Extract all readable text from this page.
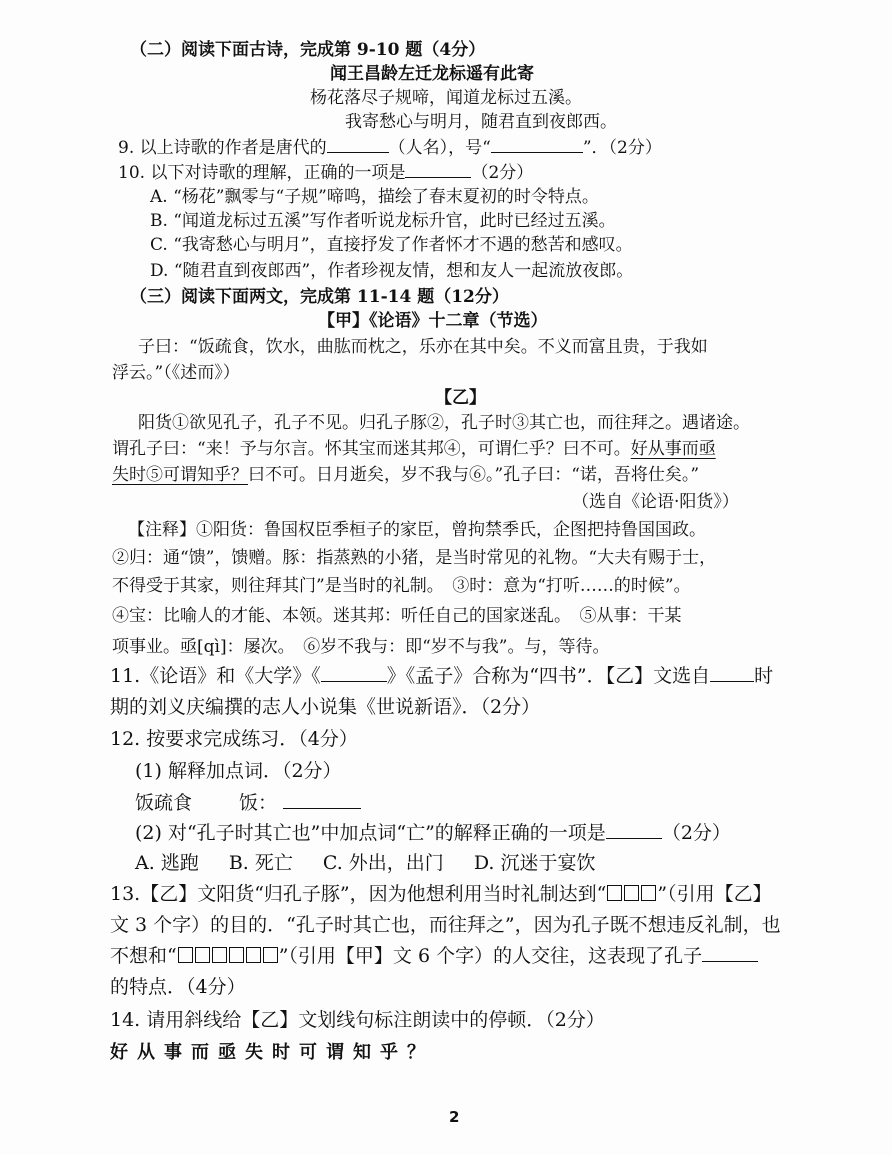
（二）阅读下面古诗，完成第 9-10 题（4分）
闻王昌龄左迁龙标遥有此寄
杨花落尽子规啼，闻道龙标过五溪。
我寄愁心与明月，随君直到夜郎西。
9. 以上诗歌的作者是唐代的	（人名），号“	”．（2分）
10. 以下对诗歌的理解，正确的一项是	（2分）
A. “杨花”飘零与“子规”啼鸣，描绘了春末夏初的时令特点。
B. “闻道龙标过五溪”写作者听说龙标升官，此时已经过五溪。
C. “我寄愁心与明月”，直接抒发了作者怀才不遇的愁苦和感叹。
D. “随君直到夜郎西”，作者珍视友情，想和友人一起流放夜郎。
（三）阅读下面两文，完成第 11-14 题（12分）
【甲】《论语》十二章（节选）
子曰：“饭疏食，饮水，曲肱而枕之，乐亦在其中矣。不义而富且贵，于我如
浮云。”（《述而》）
【乙】
阳货①欲见孔子，孔子不见。归孔子豚②，孔子时③其亡也，而往拜之。遇诸途。
谓孔子曰：“来！予与尔言。怀其宝而迷其邦④，可谓仁乎？曰不可。好从事而亟
失时⑤可谓知乎？曰不可。日月逝矣，岁不我与⑥。”孔子曰：“诺，吾将仕矣。”
（选自《论语·阳货》）
【注释】①阳货：鲁国权臣季桓子的家臣，曾拘禁季氏，企图把持鲁国国政。
②归：通“馈”，馈赠。豚：指蒸熟的小猪，是当时常见的礼物。“大夫有赐于士，
不得受于其家，则往拜其门”是当时的礼制。　③时：意为“打听……的时候”。
④宝：比喻人的才能、本领。迷其邦：听任自己的国家迷乱。　⑤从事：干某
项事业。亟[qì]：屡次。　⑥岁不我与：即“岁不与我”。与，等待。
11.《论语》和《大学》《	》《孟子》合称为“四书”．【乙】文选自 时
期的刘义庆编撰的志人小说集《世说新语》．（2分）
12. 按要求完成练习．（4分）
(1) 解释加点词．（2分）
饭疏食 饭：
(2) 对“孔子时其亡也”中加点词“亡”的解释正确的一项是	（2分）
A. 逃跑 B. 死亡 C. 外出，出门 D. 沉迷于宴饮
13.【乙】文阳货“归孔子豚”，因为他想利用当时礼制达到“	”（引用【乙】
文 3 个字）的目的．“孔子时其亡也，而往拜之”，因为孔子既不想违反礼制，也
不想和“	”（引用【甲】文 6 个字）的人交往，这表现了孔子
的特点．（4分）
14. 请用斜线给【乙】文划线句标注朗读中的停顿．（2分）
好从事而亟失时可谓知乎？
2
